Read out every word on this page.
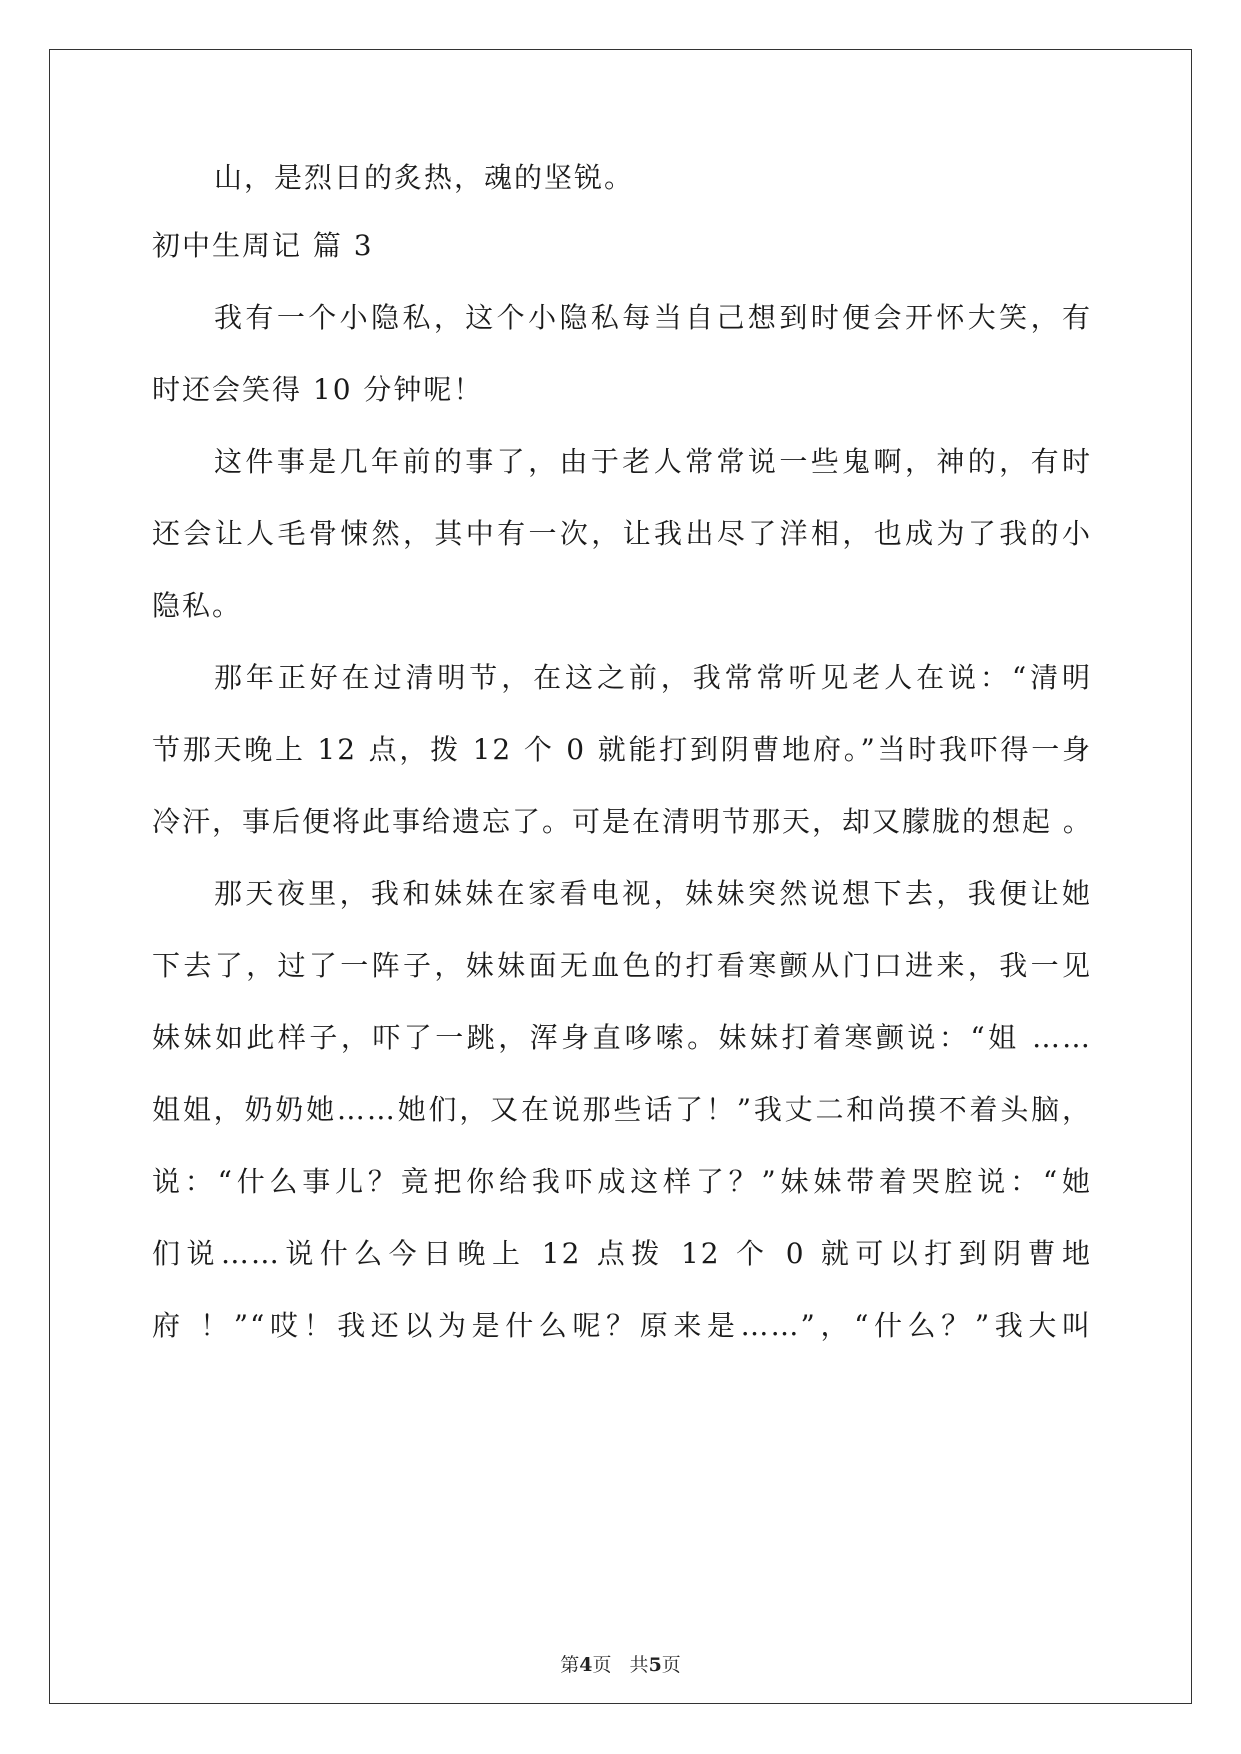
山，是烈日的炙热，魂的坚锐。
初中生周记 篇 3
我有一个小隐私，这个小隐私每当自己想到时便会开怀大笑，有
时还会笑得 10 分钟呢！
这件事是几年前的事了，由于老人常常说一些鬼啊，神的，有时
还会让人毛骨悚然，其中有一次，让我出尽了洋相，也成为了我的小
隐私。
那年正好在过清明节，在这之前，我常常听见老人在说：“清明
节那天晚上 12 点，拨 12 个 0 就能打到阴曹地府。”当时我吓得一身
冷汗，事后便将此事给遗忘了。可是在清明节那天，却又朦胧的想起 。
那天夜里，我和妹妹在家看电视，妹妹突然说想下去，我便让她
下去了，过了一阵子，妹妹面无血色的打看寒颤从门口进来，我一见
妹妹如此样子，吓了一跳，浑身直哆嗦。妹妹打着寒颤说：“姐 ……
姐姐，奶奶她……她们，又在说那些话了！”我丈二和尚摸不着头脑，
说：“什么事儿？竟把你给我吓成这样了？”妹妹带着哭腔说：“她
们说……说什么今日晚上 12 点拨 12 个 0 就可以打到阴曹地
府 ！”“哎！我还以为是什么呢？原来是……”，“什么？”我大叫
第4页   共5页
